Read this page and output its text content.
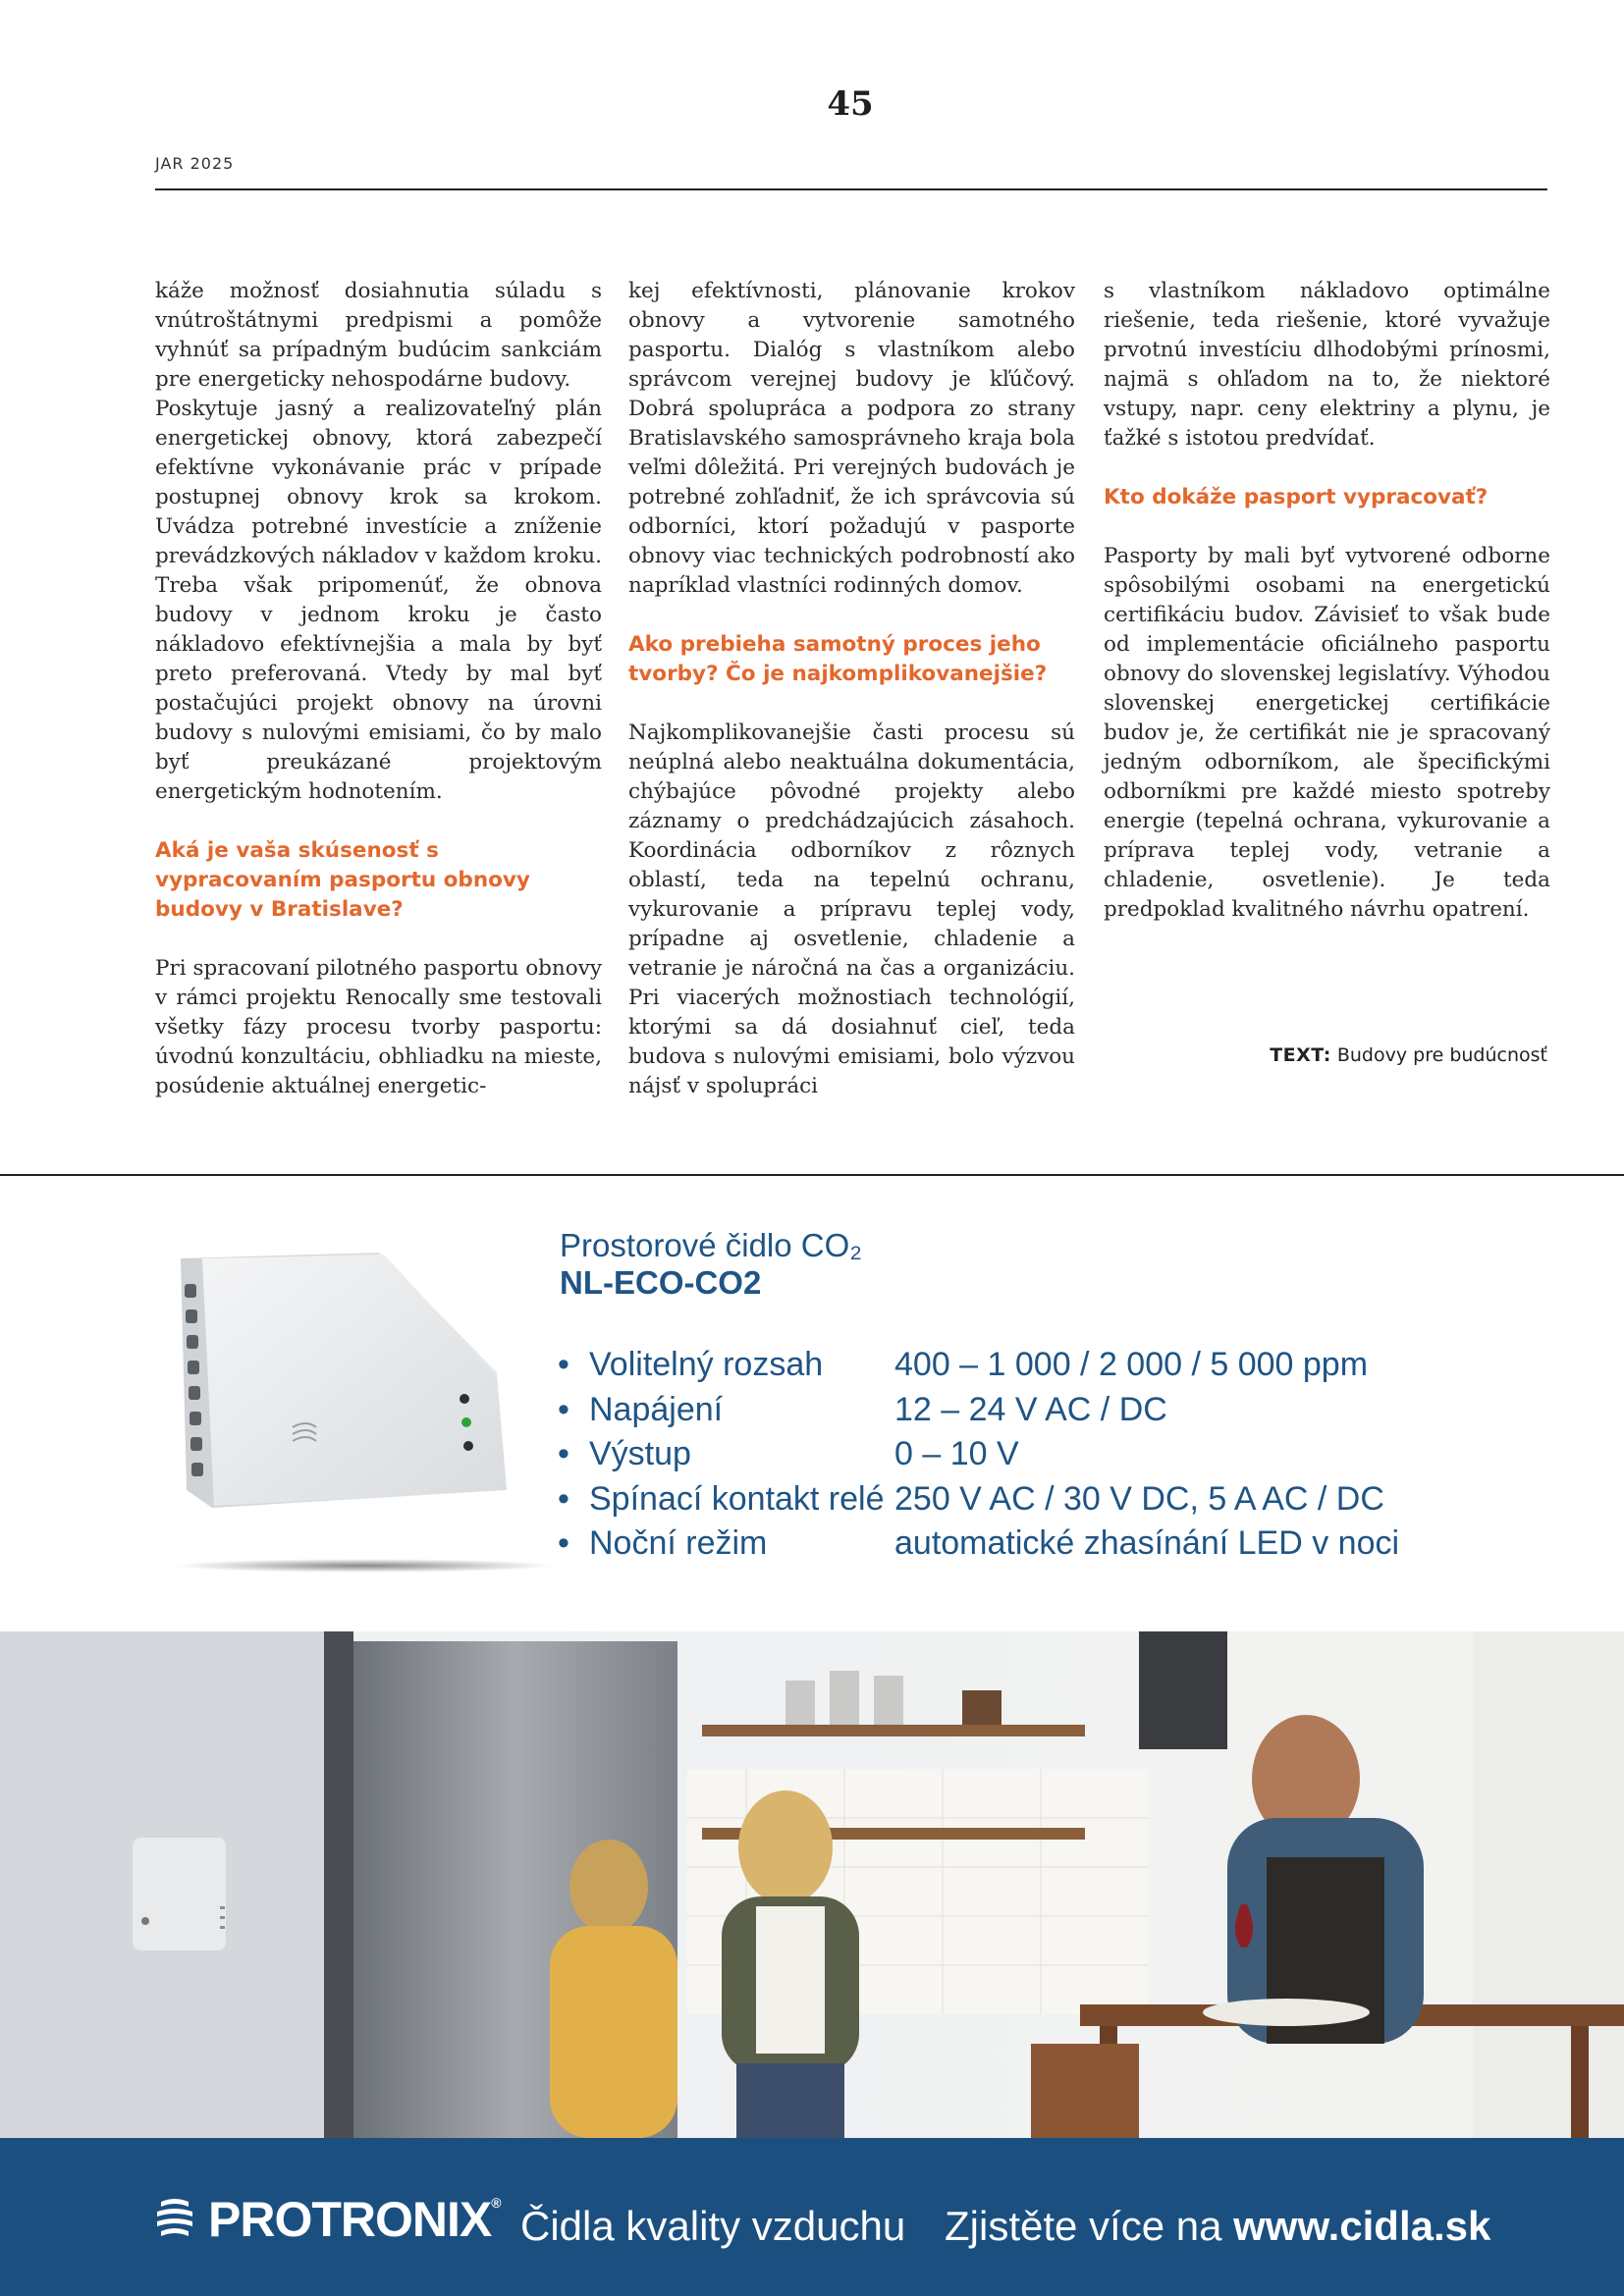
45
JAR 2025

káže možnosť dosiahnutia súladu s vnútroštátnymi predpismi a pomôže vyhnúť sa prípadným budúcim sankciám pre energeticky nehospodárne budovy.

Poskytuje jasný a realizovateľný plán energetickej obnovy, ktorá zabezpečí efektívne vykonávanie prác v prípade postupnej obnovy krok sa krokom. Uvádza potrebné investície a zníženie prevádzkových nákladov v každom kroku.

Treba však pripomenúť, že obnova budovy v jednom kroku je často nákladovo efektívnejšia a mala by byť preto preferovaná. Vtedy by mal byť postačujúci projekt obnovy na úrovni budovy s nulovými emisiami, čo by malo byť preukázané projektovým energetickým hodnotením.

Aká je vaša skúsenosť s vypracovaním pasportu obnovy budovy v Bratislave?

Pri spracovaní pilotného pasportu obnovy v rámci projektu Renocally sme testovali všetky fázy procesu tvorby pasportu: úvodnú konzultáciu, obhliadku na mieste, posúdenie aktuálnej energetic-

kej efektívnosti, plánovanie krokov obnovy a vytvorenie samotného pasportu. Dialóg s vlastníkom alebo správcom verejnej budovy je kľúčový. Dobrá spolupráca a podpora zo strany Bratislavského samosprávneho kraja bola veľmi dôležitá. Pri verejných budovách je potrebné zohľadniť, že ich správcovia sú odborníci, ktorí požadujú v pasporte obnovy viac technických podrobností ako napríklad vlastníci rodinných domov.

Ako prebieha samotný proces jeho tvorby? Čo je najkomplikovanejšie?

Najkomplikovanejšie časti procesu sú neúplná alebo neaktuálna dokumentácia, chýbajúce pôvodné projekty alebo záznamy o predchádzajúcich zásahoch. Koordinácia odborníkov z rôznych oblastí, teda na tepelnú ochranu, vykurovanie a prípravu teplej vody, prípadne aj osvetlenie, chladenie a vetranie je náročná na čas a organizáciu. Pri viacerých možnostiach technológií, ktorými sa dá dosiahnuť cieľ, teda budova s nulovými emisiami, bolo výzvou nájsť v spolupráci

s vlastníkom nákladovo optimálne riešenie, teda riešenie, ktoré vyvažuje prvotnú investíciu dlhodobými prínosmi, najmä s ohľadom na to, že niektoré vstupy, napr. ceny elektriny a plynu, je ťažké s istotou predvídať.

Kto dokáže pasport vypracovať?

Pasporty by mali byť vytvorené odborne spôsobilými osobami na energetickú certifikáciu budov. Závisieť to však bude od implementácie oficiálneho pasportu obnovy do slovenskej legislatívy. Výhodou slovenskej energetickej certifikácie budov je, že certifikát nie je spracovaný jedným odborníkom, ale špecifickými odborníkmi pre každé miesto spotreby energie (tepelná ochrana, vykurovanie a príprava teplej vody, vetranie a chladenie, osvetlenie). Je teda predpoklad kvalitného návrhu opatrení.

TEXT: Budovy pre budúcnosť
Prostorové čidlo CO₂
NL-ECO-CO2
• Volitelný rozsah	400 – 1 000 / 2 000 / 5 000 ppm
• Napájení	12 – 24 V AC / DC
• Výstup	0 – 10 V
• Spínací kontakt relé 250 V AC / 30 V DC, 5 A AC / DC
• Noční režim	automatické zhasínání LED v noci
PROTRONIX® Čidla kvality vzduchu Zjistěte více na www.cidla.sk
